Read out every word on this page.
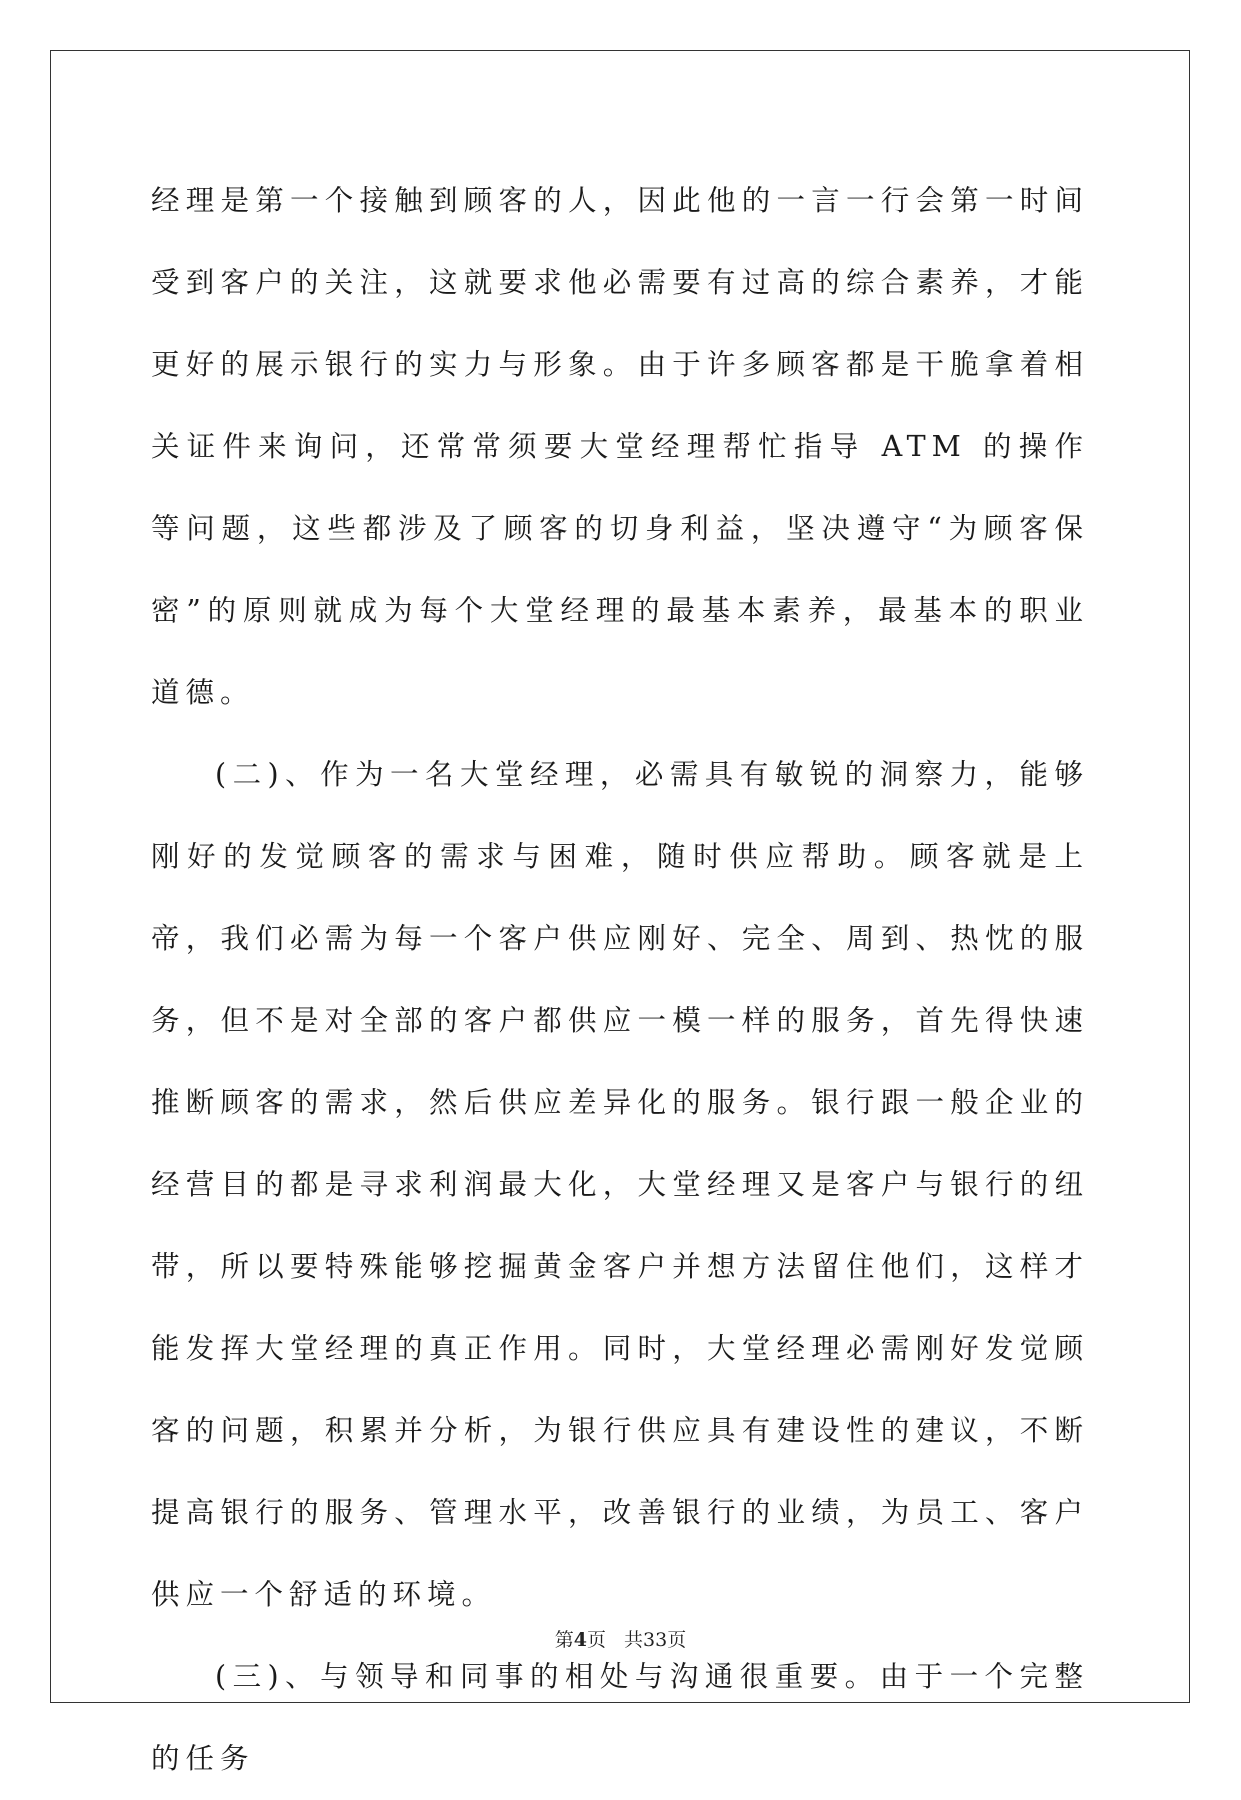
经理是第一个接触到顾客的人，因此他的一言一行会第一时间受到客户的关注，这就要求他必需要有过高的综合素养，才能更好的展示银行的实力与形象。由于许多顾客都是干脆拿着相关证件来询问，还常常须要大堂经理帮忙指导 ATM 的操作等问题，这些都涉及了顾客的切身利益，坚决遵守“为顾客保密”的原则就成为每个大堂经理的最基本素养，最基本的职业道德。

(二)、作为一名大堂经理，必需具有敏锐的洞察力，能够刚好的发觉顾客的需求与困难，随时供应帮助。顾客就是上帝，我们必需为每一个客户供应刚好、完全、周到、热忱的服务，但不是对全部的客户都供应一模一样的服务，首先得快速推断顾客的需求，然后供应差异化的服务。银行跟一般企业的经营目的都是寻求利润最大化，大堂经理又是客户与银行的纽带，所以要特殊能够挖掘黄金客户并想方法留住他们，这样才能发挥大堂经理的真正作用。同时，大堂经理必需刚好发觉顾客的问题，积累并分析，为银行供应具有建设性的建议，不断提高银行的服务、管理水平，改善银行的业绩，为员工、客户供应一个舒适的环境。

(三)、与领导和同事的相处与沟通很重要。由于一个完整的任务

第4页 共33页
